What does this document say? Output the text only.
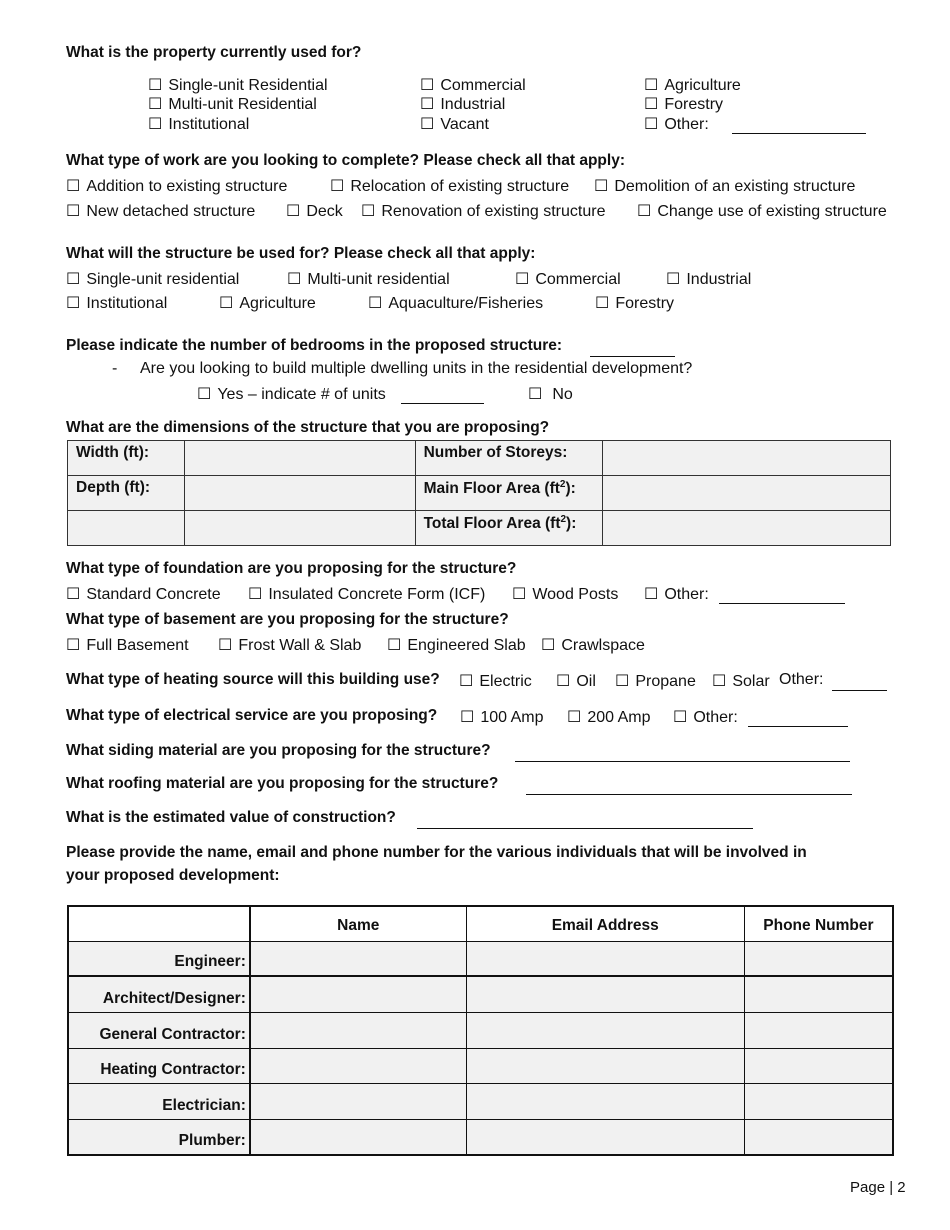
What is the property currently used for?
☐ Single-unit Residential
☐ Multi-unit Residential
☐ Institutional
☐ Commercial
☐ Industrial
☐ Vacant
☐ Agriculture
☐ Forestry
☐ Other:
What type of work are you looking to complete? Please check all that apply:
☐ Addition to existing structure	☐ Relocation of existing structure ☐ Demolition of an existing structure
☐ New detached structure ☐ Deck ☐ Renovation of existing structure ☐ Change use of existing structure
What will the structure be used for? Please check all that apply:
☐ Single-unit residential	☐ Multi-unit residential	☐ Commercial	☐ Industrial
☐ Institutional	☐ Agriculture	☐ Aquaculture/Fisheries	☐ Forestry
Please indicate the number of bedrooms in the proposed structure:
- Are you looking to build multiple dwelling units in the residential development?
☐ Yes – indicate # of units	☐ No
What are the dimensions of the structure that you are proposing?
Width (ft):		Number of Storeys:	
Depth (ft):		Main Floor Area $(ft^2)$:	
		Total Floor Area $(ft^2)$:	
What type of foundation are you proposing for the structure?
☐ Standard Concrete ☐ Insulated Concrete Form (ICF) ☐ Wood Posts ☐ Other:
What type of basement are you proposing for the structure?
☐ Full Basement ☐ Frost Wall & Slab ☐ Engineered Slab ☐ Crawlspace
What type of heating source will this building use? ☐ Electric ☐ Oil ☐ Propane ☐ Solar Other:
What type of electrical service are you proposing? ☐ 100 Amp ☐ 200 Amp ☐ Other:
What siding material are you proposing for the structure?
What roofing material are you proposing for the structure?
What is the estimated value of construction?
Please provide the name, email and phone number for the various individuals that will be involved in
your proposed development:
	Name	Email Address	Phone Number
Engineer:			
Architect/Designer:			
General Contractor:			
Heating Contractor:			
Electrician:			
Plumber:			
Page | 2
